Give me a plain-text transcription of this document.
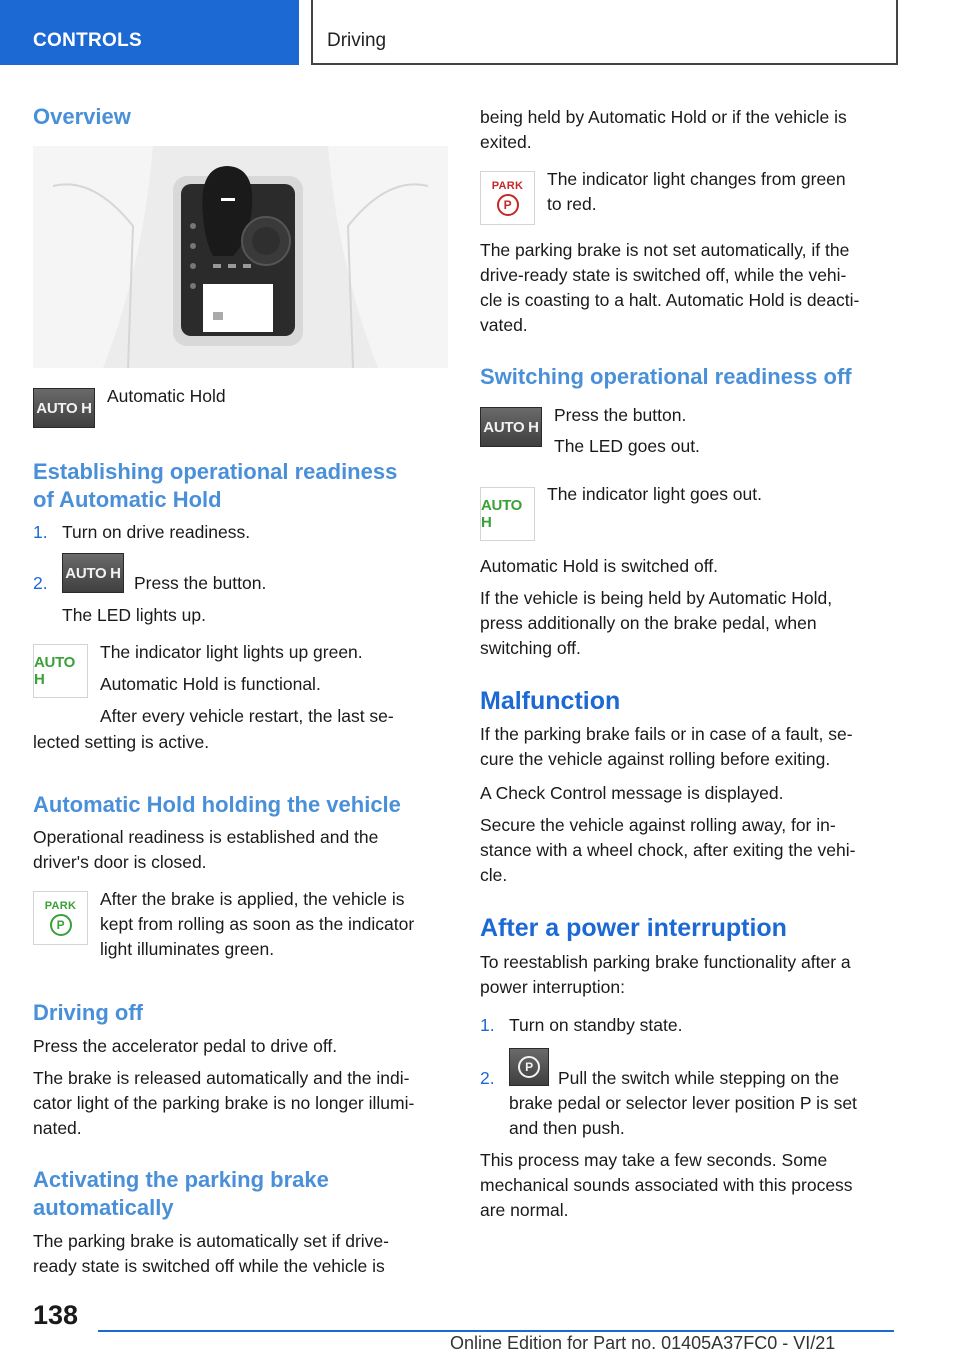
CONTROLS	Driving
Overview
AUTO H

Automatic Hold

Establishing operational readiness
of Automatic Hold
1. Turn on drive readiness.

2. AUTO H Press the button.

The LED lights up.

AUTO H

The indicator light lights up green.

Automatic Hold is functional.

After every vehicle restart, the last se-

lected setting is active.

Automatic Hold holding the vehicle

Operational readiness is established and the

driver's door is closed.

PARK
P

After the brake is applied, the vehicle is

kept from rolling as soon as the indicator

light illuminates green.

Driving off

Press the accelerator pedal to drive off.

The brake is released automatically and the indi-

cator light of the parking brake is no longer illumi-

nated.

Activating the parking brake
automatically

The parking brake is automatically set if drive-

ready state is switched off while the vehicle is

being held by Automatic Hold or if the vehicle is

exited.

PARK
P

The indicator light changes from green

to red.

The parking brake is not set automatically, if the

drive-ready state is switched off, while the vehi-

cle is coasting to a halt. Automatic Hold is deacti-

vated.

Switching operational readiness off
AUTO H

Press the button.

The LED goes out.

AUTO H

The indicator light goes out.

Automatic Hold is switched off.

If the vehicle is being held by Automatic Hold,

press additionally on the brake pedal, when

switching off.

Malfunction

If the parking brake fails or in case of a fault, se-

cure the vehicle against rolling before exiting.

A Check Control message is displayed.

Secure the vehicle against rolling away, for in-

stance with a wheel chock, after exiting the vehi-

cle.

After a power interruption

To reestablish parking brake functionality after a

power interruption:

1. Turn on standby state.

2.
P

Pull the switch while stepping on the

brake pedal or selector lever position P is set

and then push.

This process may take a few seconds. Some

mechanical sounds associated with this process

are normal.

138
Online Edition for Part no. 01405A37FC0 - VI/21
